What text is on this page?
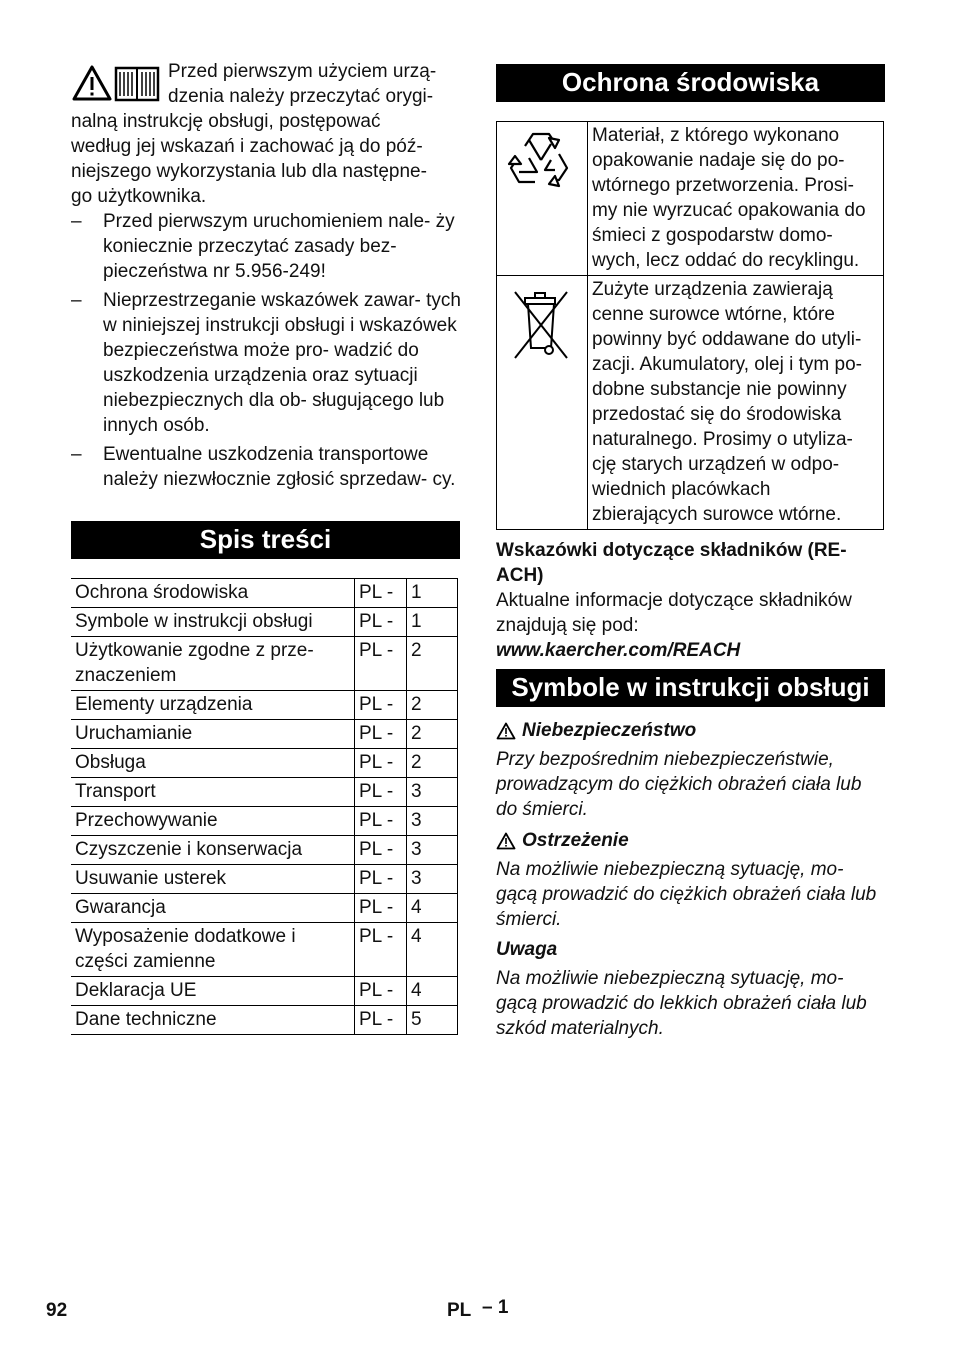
Przed pierwszym użyciem urzą-
dzenia należy przeczytać orygi-
nalną instrukcję obsługi, postępować
według jej wskazań i zachować ją do póź-
niejszego wykorzystania lub dla następne-
go użytkownika.
– Przed pierwszym uruchomieniem nale- ży koniecznie przeczytać zasady bez- pieczeństwa nr 5.956-249!
– Nieprzestrzeganie wskazówek zawar- tych w niniejszej instrukcji obsługi i wskazówek bezpieczeństwa może pro- wadzić do uszkodzenia urządzenia oraz sytuacji niebezpiecznych dla ob- sługującego lub innych osób.
– Ewentualne uszkodzenia transportowe należy niezwłocznie zgłosić sprzedaw- cy.
Spis treści
Ochrona środowiska	PL -	1
Symbole w instrukcji obsługi	PL -	1
Użytkowanie zgodne z prze- znaczeniem	PL -	2
Elementy urządzenia	PL -	2
Uruchamianie	PL -	2
Obsługa	PL -	2
Transport	PL -	3
Przechowywanie	PL -	3
Czyszczenie i konserwacja	PL -	3
Usuwanie usterek	PL -	3
Gwarancja	PL -	4
Wyposażenie dodatkowe i części zamienne	PL -	4
Deklaracja UE	PL -	4
Dane techniczne	PL -	5
Ochrona środowiska
	Materiał, z którego wykonano opakowanie nadaje się do po- wtórnego przetworzenia. Prosi- my nie wyrzucać opakowania do śmieci z gospodarstw domo- wych, lecz oddać do recyklingu.
	Zużyte urządzenia zawierają cenne surowce wtórne, które powinny być oddawane do utyli- zacji. Akumulatory, olej i tym po- dobne substancje nie powinny przedostać się do środowiska naturalnego. Prosimy o utyliza- cję starych urządzeń w odpo- wiednich placówkach zbierających surowce wtórne.
Wskazówki dotyczące składników (RE- ACH)
Aktualne informacje dotyczące składników znajdują się pod:
www.kaercher.com/REACH
Symbole w instrukcji obsługi
Niebezpieczeństwo
Przy bezpośrednim niebezpieczeństwie, prowadzącym do ciężkich obrażeń ciała lub do śmierci.
Ostrzeżenie
Na możliwie niebezpieczną sytuację, mo- gącą prowadzić do ciężkich obrażeń ciała lub śmierci.
Uwaga
Na możliwie niebezpieczną sytuację, mo- gącą prowadzić do lekkich obrażeń ciała lub szkód materialnych.
92	PL – 1
